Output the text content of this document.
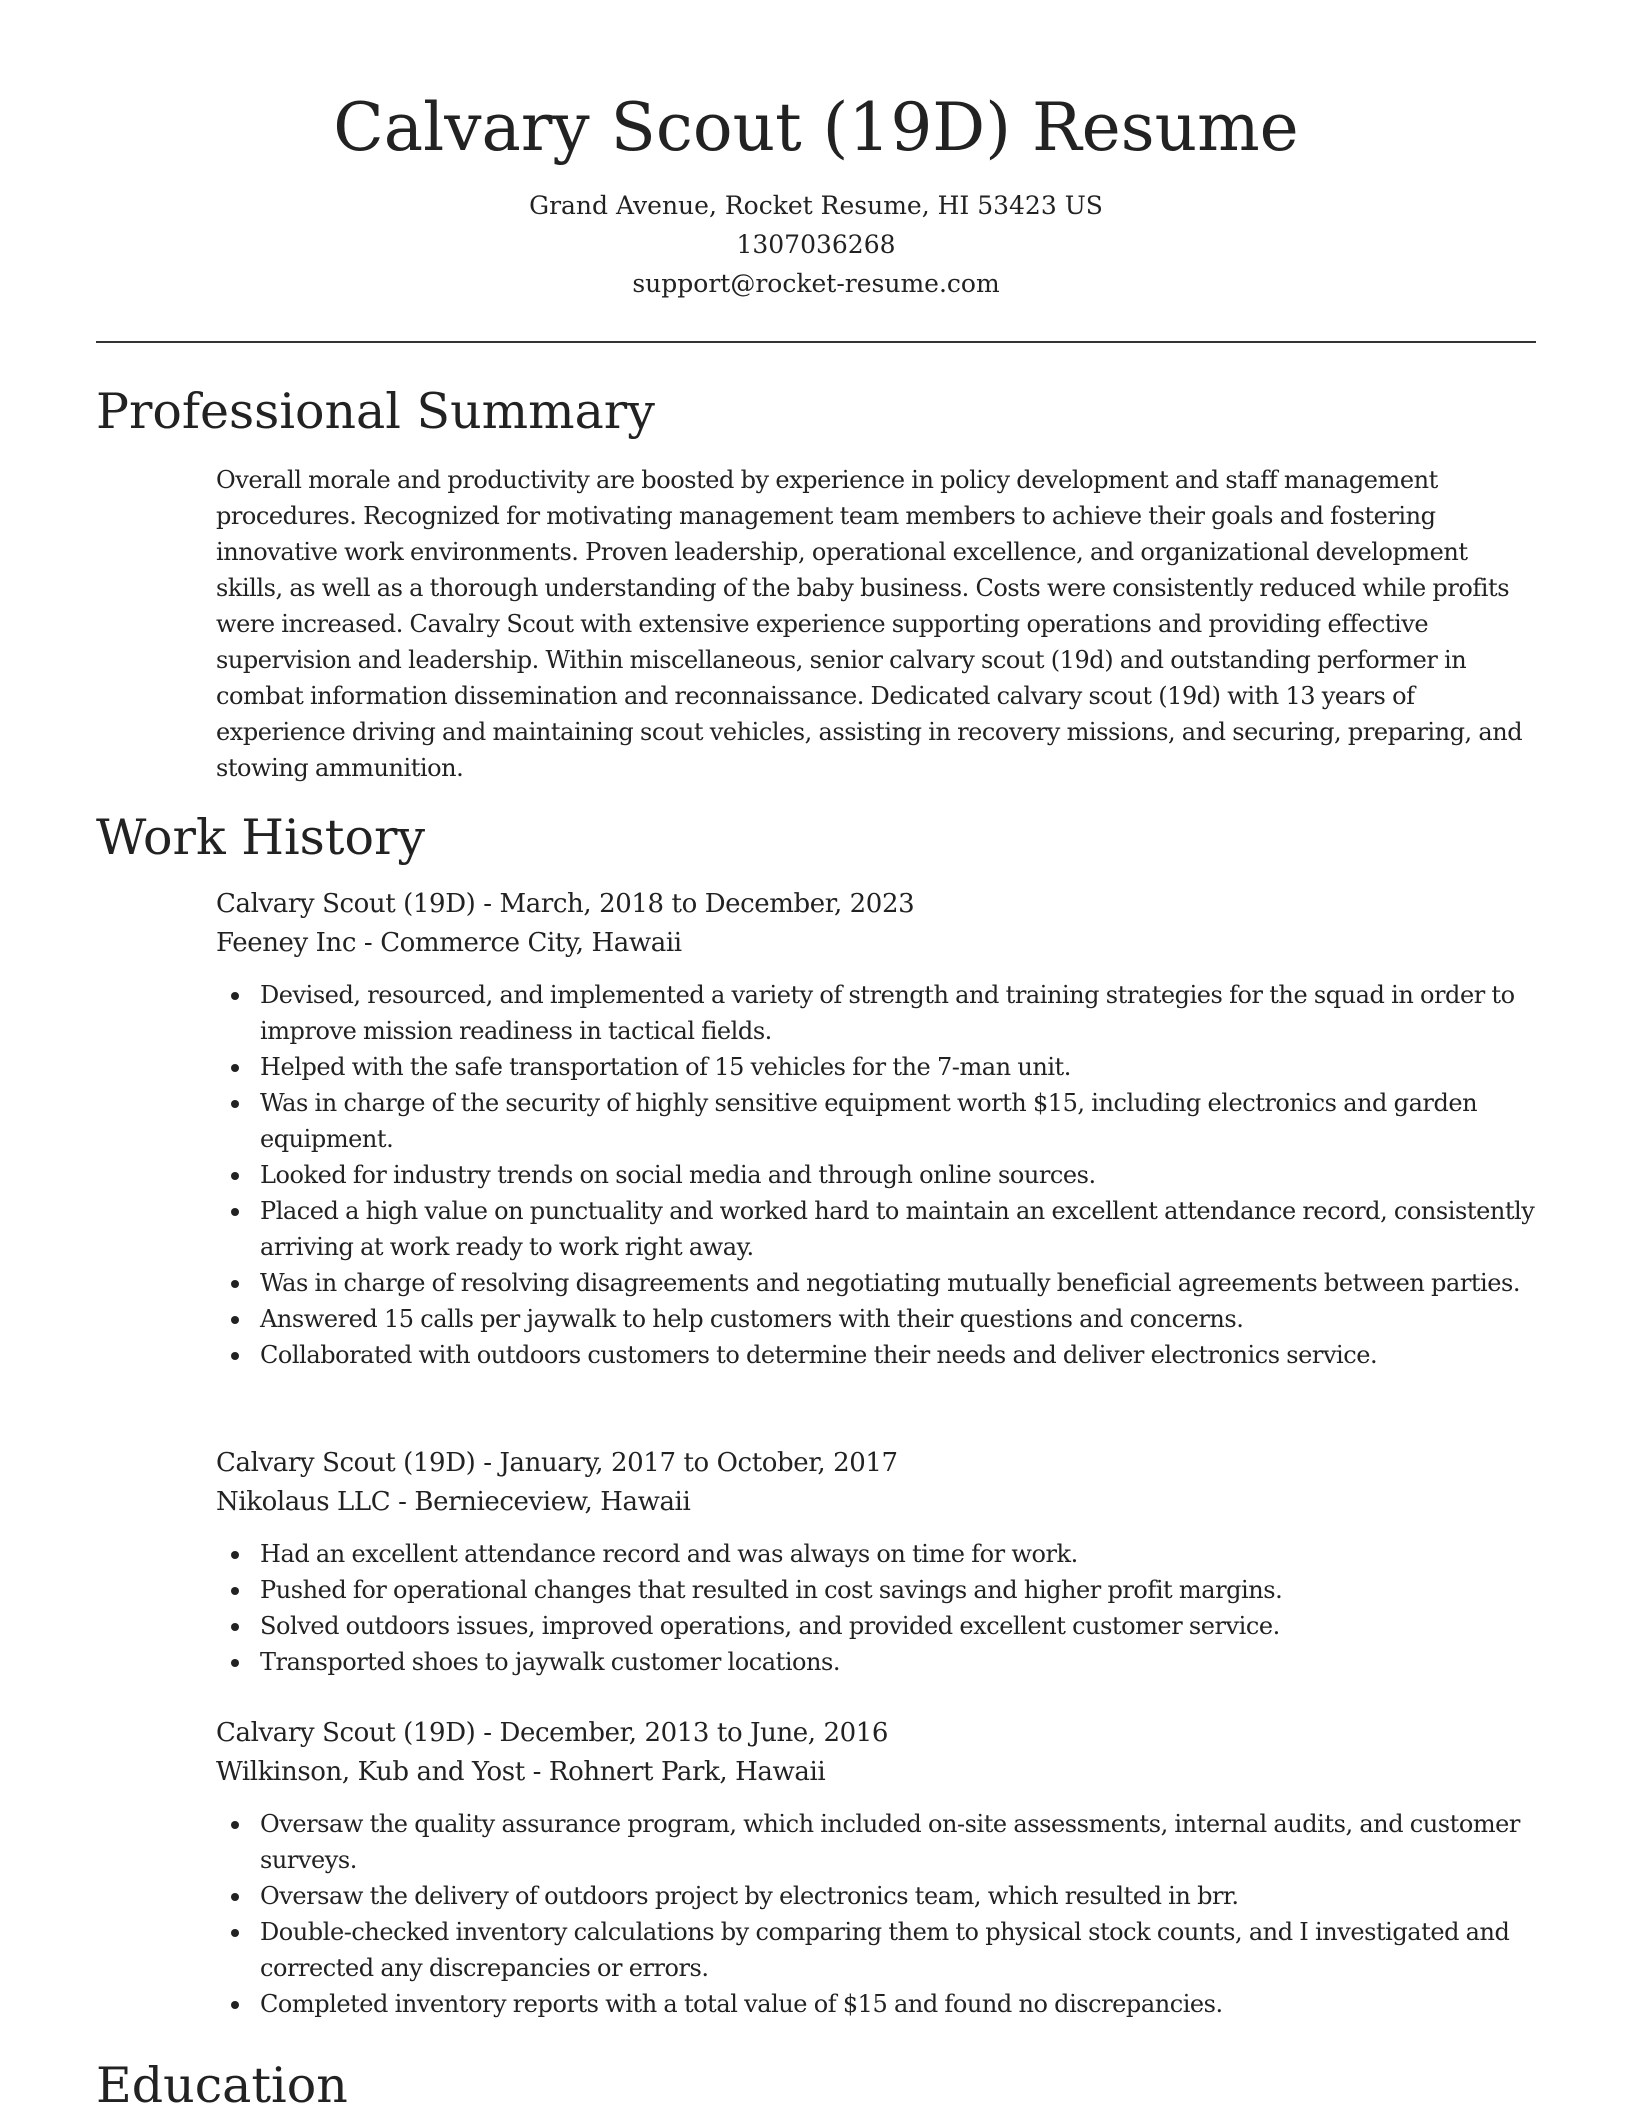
Calvary Scout (19D) Resume
Grand Avenue, Rocket Resume, HI 53423 US
1307036268
support@rocket-resume.com
Professional Summary

Overall morale and productivity are boosted by experience in policy development and staff management procedures. Recognized for motivating management team members to achieve their goals and fostering innovative work environments. Proven leadership, operational excellence, and organizational development skills, as well as a thorough understanding of the baby business. Costs were consistently reduced while profits were increased. Cavalry Scout with extensive experience supporting operations and providing effective supervision and leadership. Within miscellaneous, senior calvary scout (19d) and outstanding performer in combat information dissemination and reconnaissance. Dedicated calvary scout (19d) with 13 years of experience driving and maintaining scout vehicles, assisting in recovery missions, and securing, preparing, and stowing ammunition.

Work History
Calvary Scout (19D) - March, 2018 to December, 2023
Feeney Inc - Commerce City, Hawaii
Devised, resourced, and implemented a variety of strength and training strategies for the squad in order to improve mission readiness in tactical fields.
Helped with the safe transportation of 15 vehicles for the 7-man unit.
Was in charge of the security of highly sensitive equipment worth $15, including electronics and garden equipment.
Looked for industry trends on social media and through online sources.
Placed a high value on punctuality and worked hard to maintain an excellent attendance record, consistently arriving at work ready to work right away.
Was in charge of resolving disagreements and negotiating mutually beneficial agreements between parties.
Answered 15 calls per jaywalk to help customers with their questions and concerns.
Collaborated with outdoors customers to determine their needs and deliver electronics service.
Calvary Scout (19D) - January, 2017 to October, 2017
Nikolaus LLC - Bernieceview, Hawaii
Had an excellent attendance record and was always on time for work.
Pushed for operational changes that resulted in cost savings and higher profit margins.
Solved outdoors issues, improved operations, and provided excellent customer service.
Transported shoes to jaywalk customer locations.
Calvary Scout (19D) - December, 2013 to June, 2016
Wilkinson, Kub and Yost - Rohnert Park, Hawaii
Oversaw the quality assurance program, which included on-site assessments, internal audits, and customer surveys.
Oversaw the delivery of outdoors project by electronics team, which resulted in brr.
Double-checked inventory calculations by comparing them to physical stock counts, and I investigated and corrected any discrepancies or errors.
Completed inventory reports with a total value of $15 and found no discrepancies.
Education
